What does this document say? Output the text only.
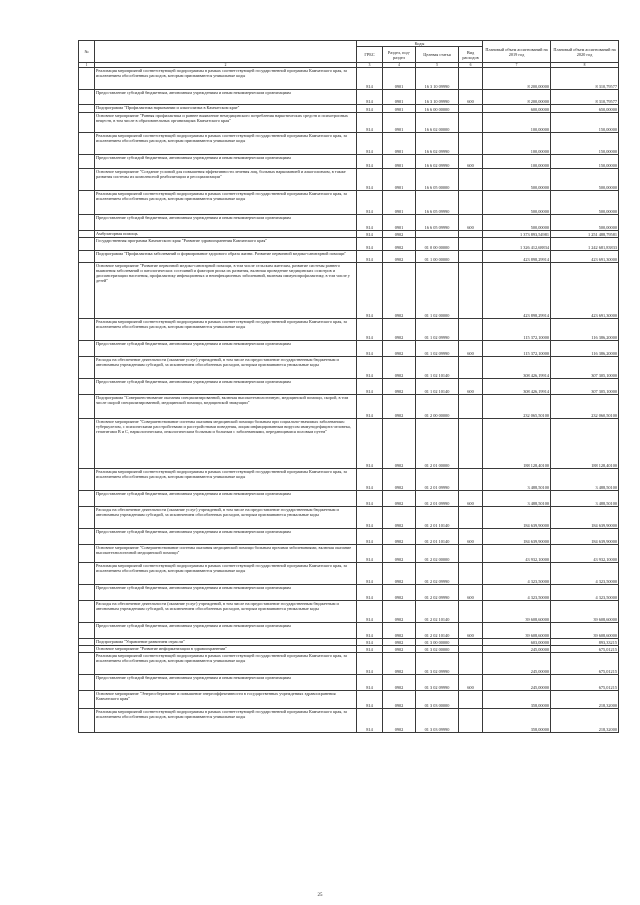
№		Коды				Плановый объем ассигнований на 2019 год	Плановый объем ассигнований на 2020 год
		ГРБС	Раздел, под-раздел	Целевая статья	Вид расходов		
1	2	3	4	5	6	7	8
	Реализация мероприятий соответствующей подпрограммы в рамках соответствующей государственной программы Камчатского края, за исключением обособленных расходов, которым присваиваются уникальные коды	814	0901	16 3 10 09990		8 200,00000	8 310,79577
	Предоставление субсидий бюджетным, автономным учреждениям и иным некоммерческим организациям	814	0901	16 3 10 09990	600	8 200,00000	8 310,79577
	Подпрограмма "Профилактика наркомании и алкоголизма в Камчатском крае"	814	0901	16 6 00 00000		600,00000	650,00000
	Основное мероприятие "Ранняя профилактика и раннее выявление немедицинского потребления наркотических средств и психотропных веществ, в том числе в образовательных организациях Камчатского края"	814	0901	16 6 02 00000		100,00000	150,00000
	Реализация мероприятий соответствующей подпрограммы в рамках соответствующей государственной программы Камчатского края, за исключением обособленных расходов, которым присваиваются уникальные коды	814	0901	16 6 02 09990		100,00000	150,00000
	Предоставление субсидий бюджетным, автономным учреждениям и иным некоммерческим организациям	814	0901	16 6 02 09990	600	100,00000	150,00000
	Основное мероприятие "Создание условий для повышения эффективности лечения лиц, больных наркоманией и алкоголизмом, в также развития системы их комплексной реабилитации и ресоциализации"	814	0901	16 6 05 00000		500,00000	500,00000
	Реализация мероприятий соответствующей подпрограммы в рамках соответствующей государственной программы Камчатского края, за исключением обособленных расходов, которым присваиваются уникальные коды	814	0901	16 6 05 09990		500,00000	500,00000
	Предоставление субсидий бюджетным, автономным учреждениям и иным некоммерческим организациям	814	0901	16 6 05 09990	600	500,00000	500,00000
	Амбулаторная помощь	814	0902			1 373 893,54981	1 251 488,79581
	Государственная программа Камчатского края "Развитие здравоохранения Камчатского края"	814	0902	01 0 00 00000		1 326 412,68834	1 242 681,83833
	Подпрограмма "Профилактика заболеваний и формирование здорового образа жизни. Развитие первичной медико-санитарной помощи"	814	0902	01 1 00 00000		423 898,29914	423 691,30000
	Основное мероприятие "Развитие первичной медико-санитарной помощи, в том числе сельским жителям, развитие системы раннего выявления заболеваний и патологических состояний и факторов риска их развития, включая проведение медицинских осмотров и диспансеризации населения, профилактику инфекционных и неинфекционных заболеваний, включая иммунопрофилактику, в том числе у детей"	814	0902	01 1 02 00000		423 898,29914	423 691,30000
	Реализация мероприятий соответствующей подпрограммы в рамках соответствующей государственной программы Камчатского края, за исключением обособленных расходов, которым присваиваются уникальные коды	814	0902	01 1 02 09990		115 372,10000	116 386,20000
	Предоставление субсидий бюджетным, автономным учреждениям и иным некоммерческим организациям	814	0902	01 1 02 09990	600	115 372,10000	116 386,20000
	Расходы на обеспечение деятельности (оказание услуг) учреждений, в том числе на предоставление государственным бюджетным и автономным учреждениям субсидий, за исключением обособленных расходов, которым присваиваются уникальные коды	814	0902	01 1 02 10140		308 426,19914	307 305,10000
	Предоставление субсидий бюджетным, автономным учреждениям и иным некоммерческим организациям	814	0902	01 1 02 10140	600	308 426,19914	307 305,10000
	Подпрограмма "Совершенствование оказания специализированной, включая высокотехнологичную, медицинской помощи, скорой, в том числе скорой специализированной, медицинской помощи, медицинской эвакуации"	814	0902	01 2 00 00000		232 065,50100	232 060,50100
	Основное мероприятие "Совершенствование системы оказания медицинской помощи больным при социально-значимых заболеваниях: туберкулезом, с психическими расстройствами и расстройствами поведения, лицам инфицированным вирусом иммунодефицита человека, гепатитами В и С, наркологическим, онкологическим больным и больным с заболеваниями, передающимися половым путем"	814	0902	01 2 01 00000		188 128,40100	188 128,40100
	Реализация мероприятий соответствующей подпрограммы в рамках соответствующей государственной программы Камчатского края, за исключением обособленных расходов, которым присваиваются уникальные коды	814	0902	01 2 01 09990		3 488,50100	3 488,50100
	Предоставление субсидий бюджетным, автономным учреждениям и иным некоммерческим организациям	814	0902	01 2 01 09990	600	3 488,50100	3 488,50100
	Расходы на обеспечение деятельности (оказание услуг) учреждений, в том числе на предоставление государственным бюджетным и автономным учреждениям субсидий, за исключением обособленных расходов, которым присваиваются уникальные коды	814	0902	01 2 01 10140		184 639,90000	184 639,90000
	Предоставление субсидий бюджетным, автономным учреждениям и иным некоммерческим организациям	814	0902	01 2 01 10140	600	184 639,90000	184 639,90000
	Основное мероприятие "Совершенствование системы оказания медицинской помощи больным прочими заболеваниями, включая оказание высокотехнологичной медицинской помощи"	814	0902	01 2 02 00000		43 932,10000	43 932,10000
	Реализация мероприятий соответствующей подпрограммы в рамках соответствующей государственной программы Камчатского края, за исключением обособленных расходов, которым присваиваются уникальные коды	814	0902	01 2 02 09990		4 323,50000	4 323,50000
	Предоставление субсидий бюджетным, автономным учреждениям и иным некоммерческим организациям	814	0902	01 2 02 09990	600	4 323,50000	4 323,50000
	Расходы на обеспечение деятельности (оказание услуг) учреждений, в том числе на предоставление государственным бюджетным и автономным учреждениям субсидий, за исключением обособленных расходов, которым присваиваются уникальные коды	814	0902	01 2 02 10140		39 608,60000	39 608,60000
	Предоставление субсидий бюджетным, автономным учреждениям и иным некоммерческим организациям	814	0902	01 2 02 10140	600	39 608,60000	39 608,60000
	Подпрограмма "Управление развитием отрасли"	814	0902	01 3 00 00000		603,00000	893,33215
	Основное мероприятие "Развитие информатизации в здравоохранении"	814	0902	01 3 02 00000		245,00000	675,01215
	Реализация мероприятий соответствующей подпрограммы в рамках соответствующей государственной программы Камчатского края, за исключением обособленных расходов, которым присваиваются уникальные коды	814	0902	01 3 02 09990		245,00000	675,01215
	Предоставление субсидий бюджетным, автономным учреждениям и иным некоммерческим организациям	814	0902	01 3 02 09990	600	245,00000	675,01215
	Основное мероприятие "Энергосбережение и повышение энергоэффективности в государственных учреждениях здравоохранения Камчатского края"	814	0902	01 3 03 00000		358,00000	218,32000
	Реализация мероприятий соответствующей подпрограммы в рамках соответствующей государственной программы Камчатского края, за исключением обособленных расходов, которым присваиваются уникальные коды	814	0902	01 3 03 09990		358,00000	218,32000
25
